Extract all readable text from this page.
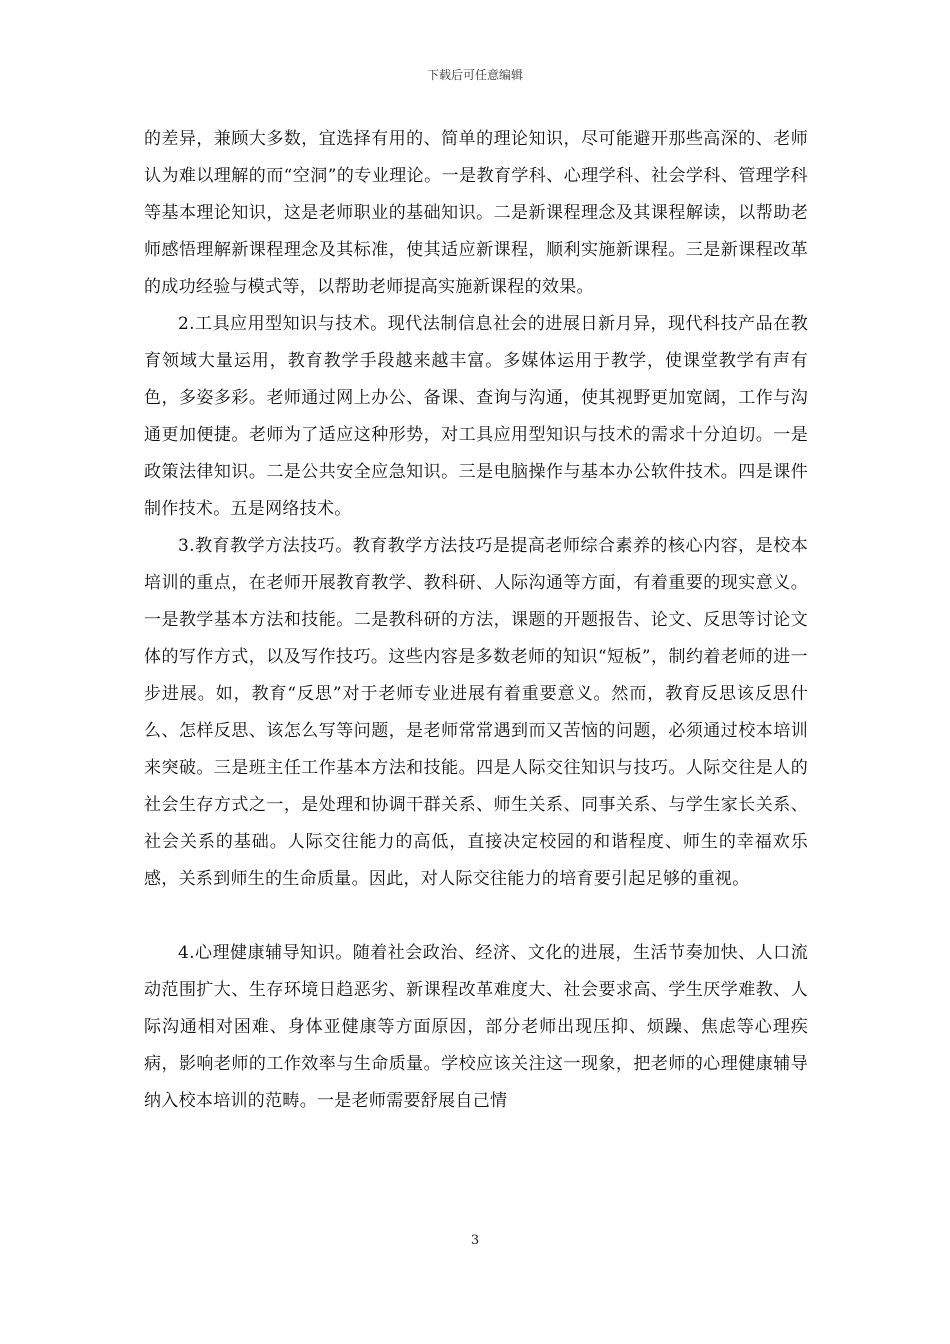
下载后可任意编辑

的差异，兼顾大多数，宜选择有用的、简单的理论知识，尽可能避开那些高深的、老师认为难以理解的而“空洞”的专业理论。一是教育学科、心理学科、社会学科、管理学科等基本理论知识，这是老师职业的基础知识。二是新课程理念及其课程解读，以帮助老师感悟理解新课程理念及其标准，使其适应新课程，顺利实施新课程。三是新课程改革的成功经验与模式等，以帮助老师提高实施新课程的效果。

2.工具应用型知识与技术。现代法制信息社会的进展日新月异，现代科技产品在教育领域大量运用，教育教学手段越来越丰富。多媒体运用于教学，使课堂教学有声有色，多姿多彩。老师通过网上办公、备课、查询与沟通，使其视野更加宽阔，工作与沟通更加便捷。老师为了适应这种形势，对工具应用型知识与技术的需求十分迫切。一是政策法律知识。二是公共安全应急知识。三是电脑操作与基本办公软件技术。四是课件制作技术。五是网络技术。

3.教育教学方法技巧。教育教学方法技巧是提高老师综合素养的核心内容，是校本培训的重点，在老师开展教育教学、教科研、人际沟通等方面，有着重要的现实意义。一是教学基本方法和技能。二是教科研的方法，课题的开题报告、论文、反思等讨论文体的写作方式，以及写作技巧。这些内容是多数老师的知识“短板”，制约着老师的进一步进展。如，教育“反思”对于老师专业进展有着重要意义。然而，教育反思该反思什么、怎样反思、该怎么写等问题，是老师常常遇到而又苦恼的问题，必须通过校本培训来突破。三是班主任工作基本方法和技能。四是人际交往知识与技巧。人际交往是人的社会生存方式之一，是处理和协调干群关系、师生关系、同事关系、与学生家长关系、社会关系的基础。人际交往能力的高低，直接决定校园的和谐程度、师生的幸福欢乐感，关系到师生的生命质量。因此，对人际交往能力的培育要引起足够的重视。

4.心理健康辅导知识。随着社会政治、经济、文化的进展，生活节奏加快、人口流动范围扩大、生存环境日趋恶劣、新课程改革难度大、社会要求高、学生厌学难教、人际沟通相对困难、身体亚健康等方面原因，部分老师出现压抑、烦躁、焦虑等心理疾病，影响老师的工作效率与生命质量。学校应该关注这一现象，把老师的心理健康辅导纳入校本培训的范畴。一是老师需要舒展自己情

3
